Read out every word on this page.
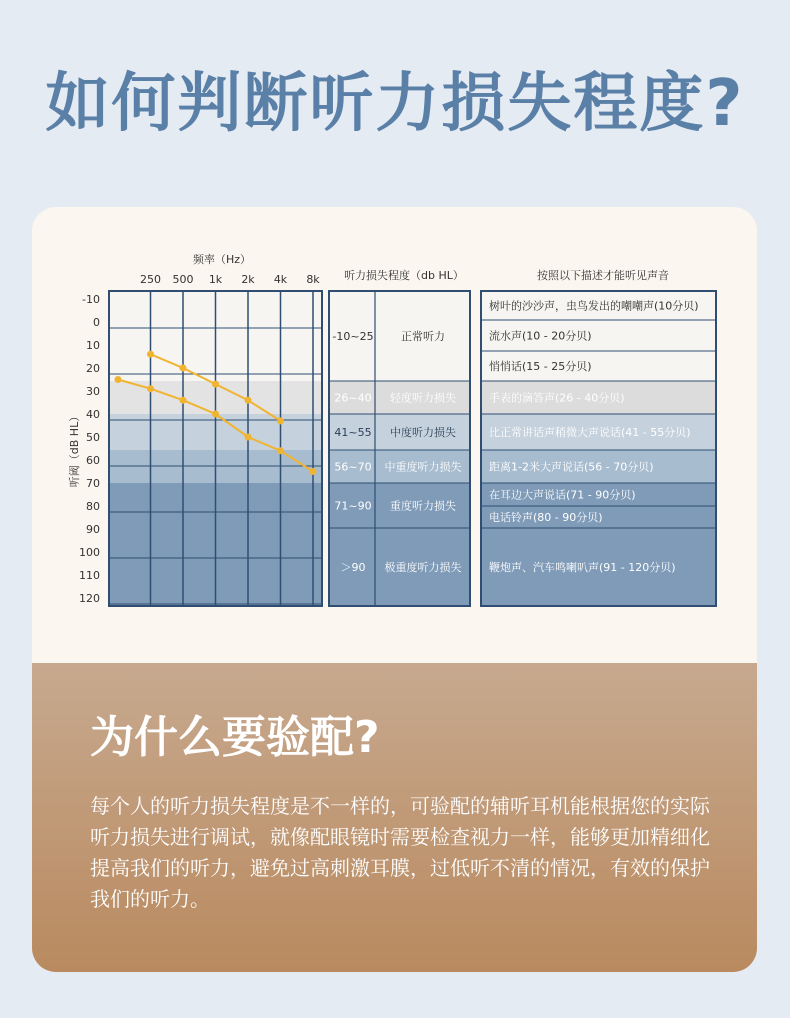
如何判断听力损失程度?
250 500 1k 2k 4k 8k
-10
0
10
20
30
40
50
60
70
80
90
100
110
120
频率（Hz）
听阈（dB HL）
听力损失程度（db HL）
-10~25 正常听力
26~40 轻度听力损失
41~55 中度听力损失
56~70 中重度听力损失
71~90 重度听力损失
＞90 极重度听力损失
按照以下描述才能听见声音
树叶的沙沙声，虫鸟发出的嘲嘲声(10分贝)
流水声(10 - 20分贝)
悄悄话(15 - 25分贝)
手表的滴答声(26 - 40分贝)
比正常讲话声稍微大声说话(41 - 55分贝)
距离1-2米大声说话(56 - 70分贝)
在耳边大声说话(71 - 90分贝)
电话铃声(80 - 90分贝)
鞭炮声、汽车鸣喇叭声(91 - 120分贝)
为什么要验配?
每个人的听力损失程度是不一样的，可验配的辅听耳机能根据您的实际听力损失进行调试，就像配眼镜时需要检查视力一样，能够更加精细化提高我们的听力，避免过高刺激耳膜，过低听不清的情况，有效的保护我们的听力。
